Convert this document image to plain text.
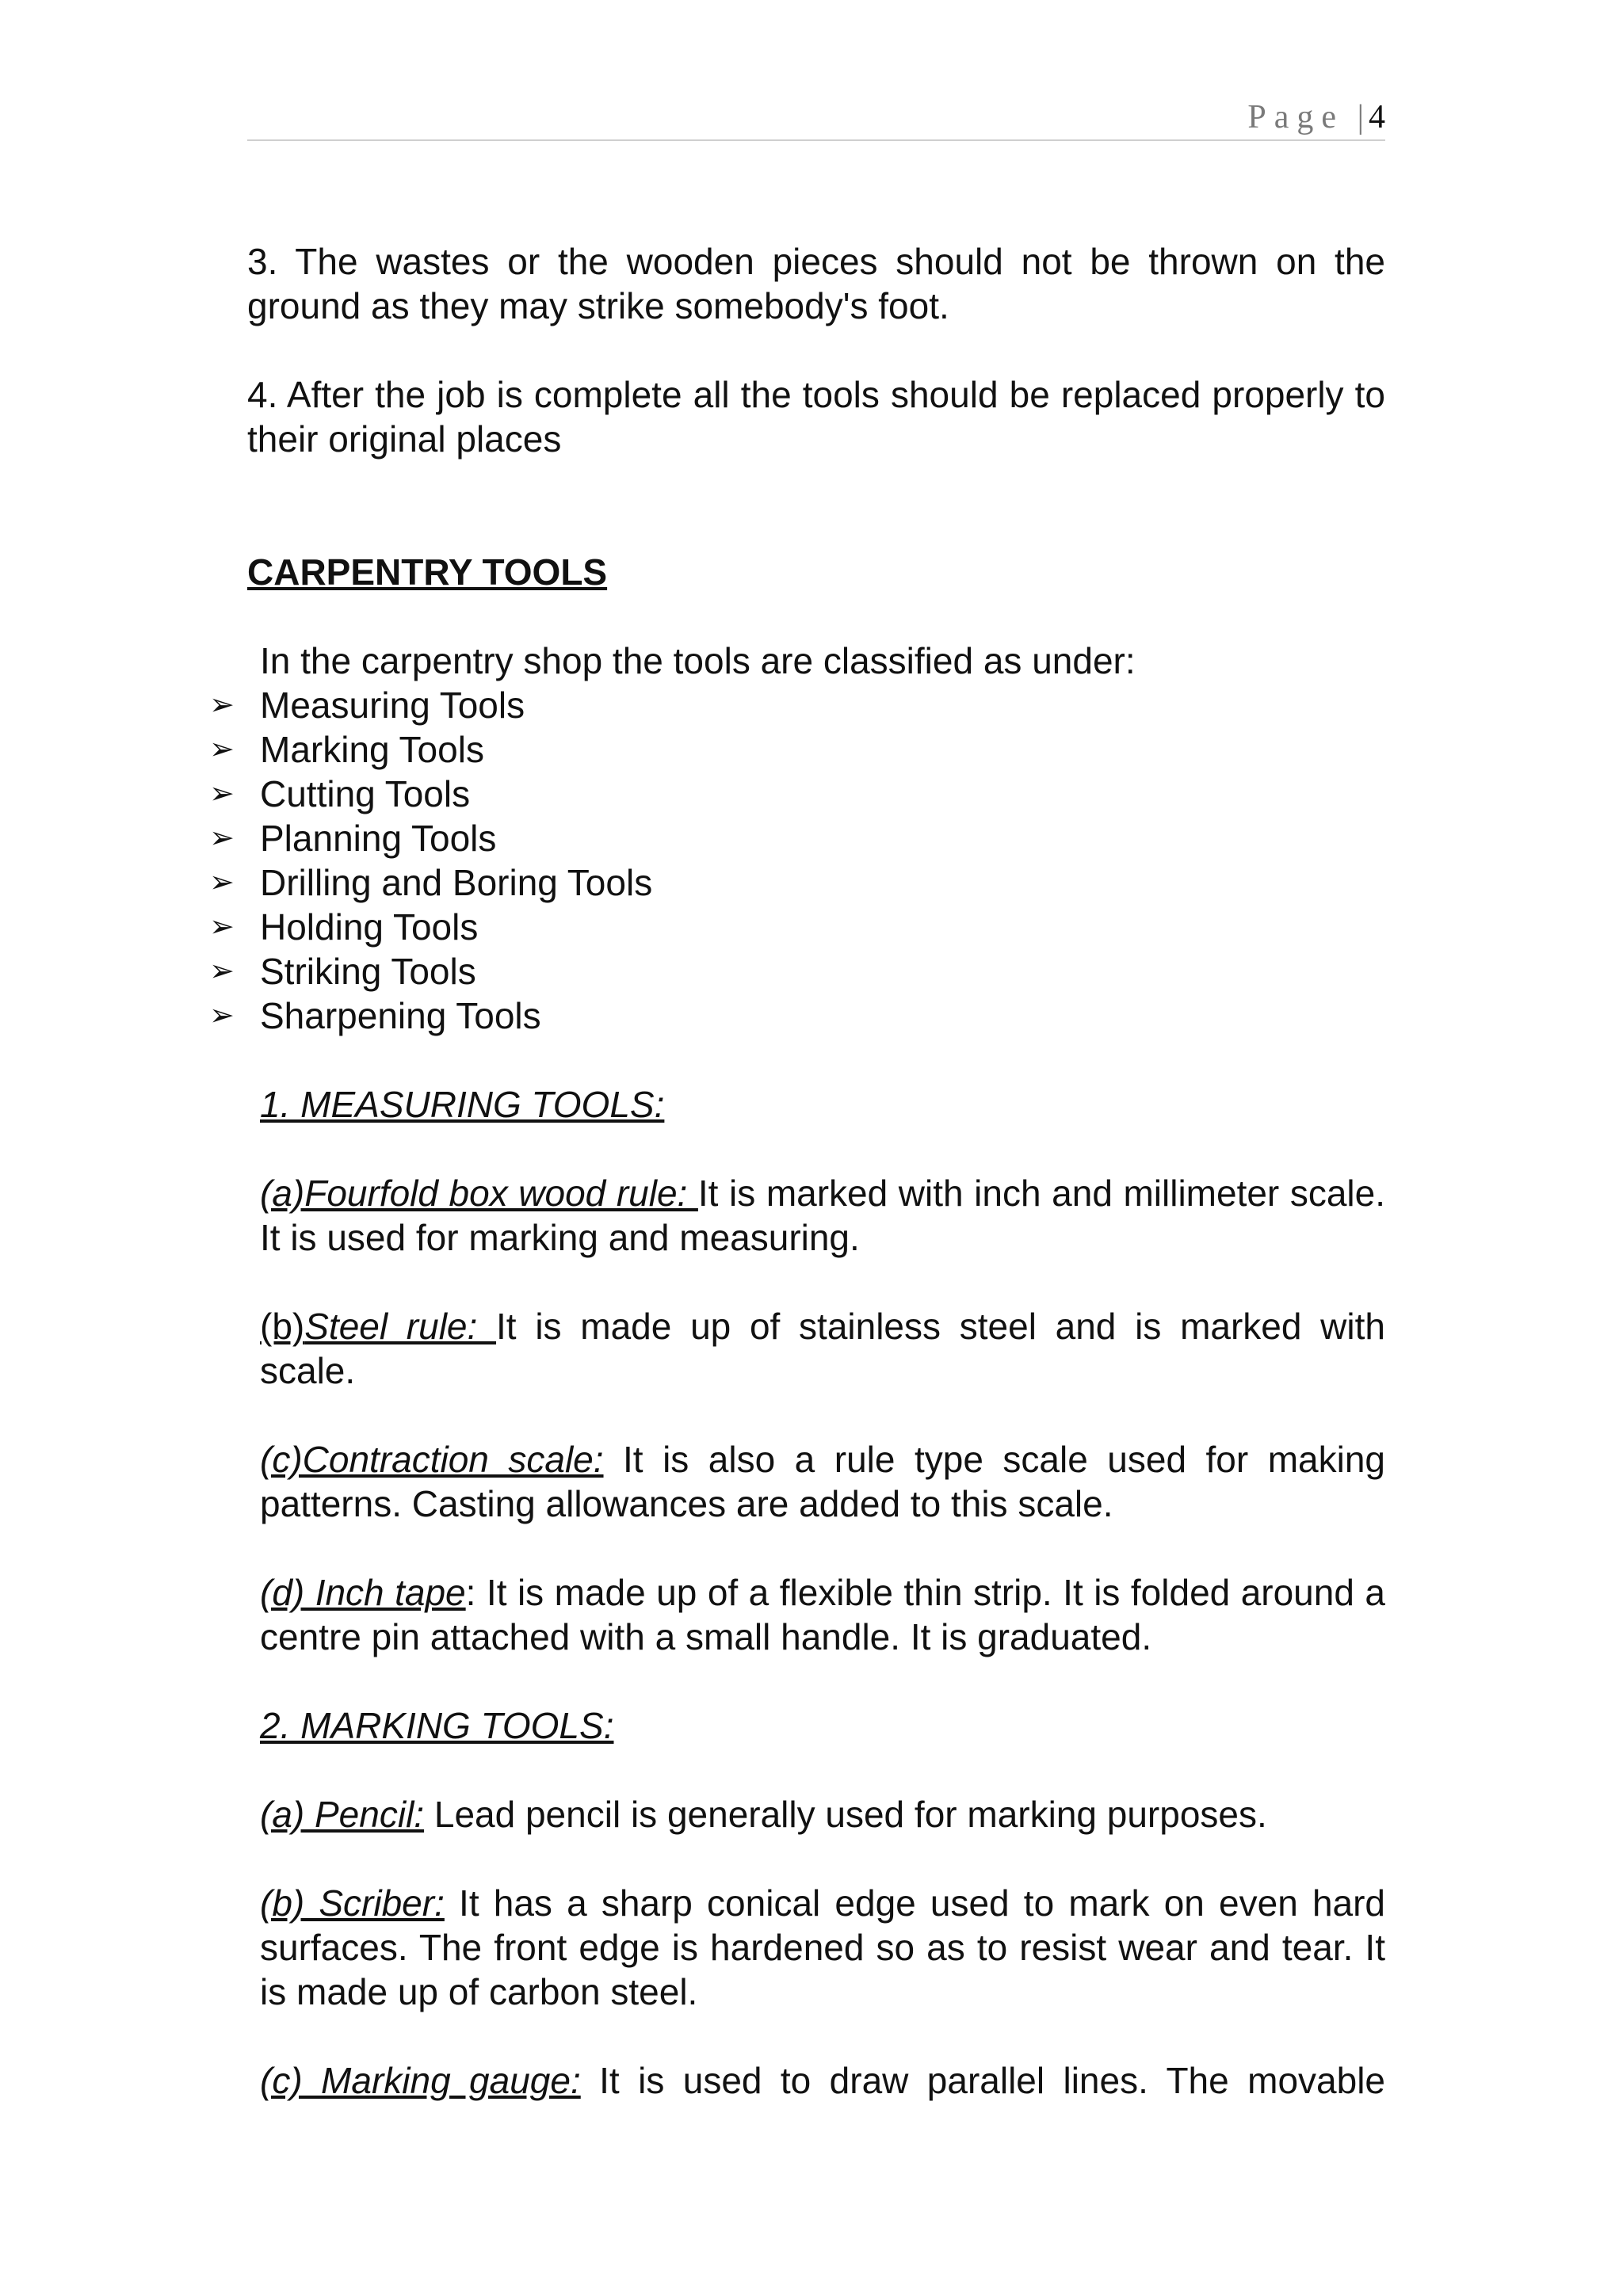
Page | 4

3. The wastes or the wooden pieces should not be thrown on the ground as they may strike somebody's foot.

4. After the job is complete all the tools should be replaced properly to their original places

CARPENTRY TOOLS

In the carpentry shop the tools are classified as under:

➢ Measuring Tools
➢ Marking Tools
➢ Cutting Tools
➢ Planning Tools
➢ Drilling and Boring Tools
➢ Holding Tools
➢ Striking Tools
➢ Sharpening Tools

1. MEASURING TOOLS:

(a)Fourfold box wood rule: It is marked with inch and millimeter scale. It is used for marking and measuring.

(b)Steel rule: It is made up of stainless steel and is marked with scale.

(c)Contraction scale: It is also a rule type scale used for making patterns. Casting allowances are added to this scale.

(d) Inch tape: It is made up of a flexible thin strip. It is folded around a centre pin attached with a small handle. It is graduated.

2. MARKING TOOLS:

(a) Pencil: Lead pencil is generally used for marking purposes.

(b) Scriber: It has a sharp conical edge used to mark on even hard surfaces. The front edge is hardened so as to resist wear and tear. It is made up of carbon steel.

(c) Marking gauge: It is used to draw parallel lines. The movable
